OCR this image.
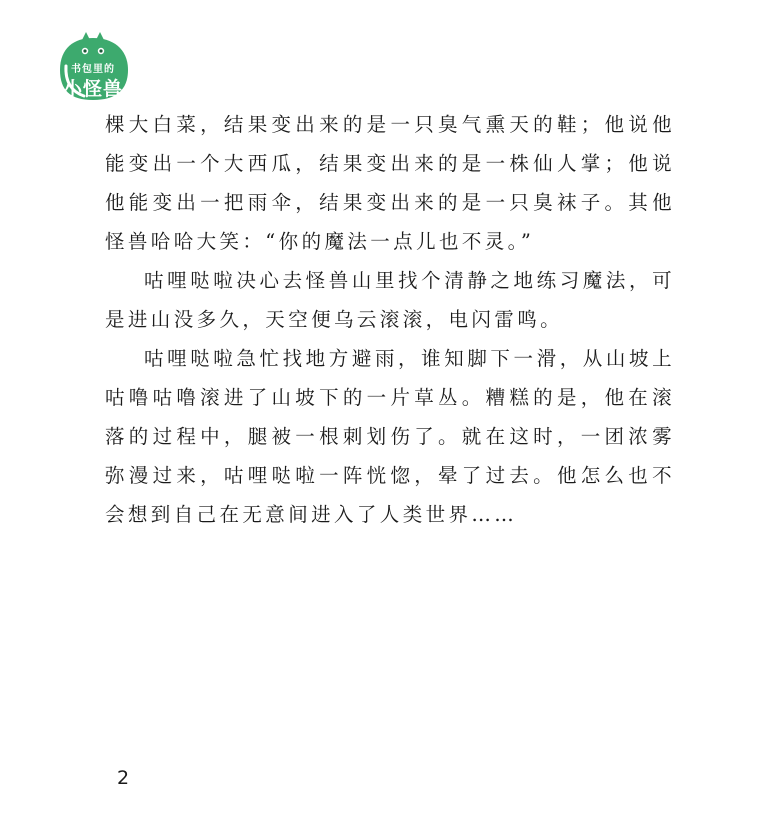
书包里的
小怪兽

棵大白菜，结果变出来的是一只臭气熏天的鞋；他说他能变出一个大西瓜，结果变出来的是一株仙人掌；他说他能变出一把雨伞，结果变出来的是一只臭袜子。其他怪兽哈哈大笑：“你的魔法一点儿也不灵。”

咕哩哒啦决心去怪兽山里找个清静之地练习魔法，可是进山没多久，天空便乌云滚滚，电闪雷鸣。

咕哩哒啦急忙找地方避雨，谁知脚下一滑，从山坡上咕噜咕噜滚进了山坡下的一片草丛。糟糕的是，他在滚落的过程中，腿被一根刺划伤了。就在这时，一团浓雾弥漫过来，咕哩哒啦一阵恍惚，晕了过去。他怎么也不会想到自己在无意间进入了人类世界……

2
